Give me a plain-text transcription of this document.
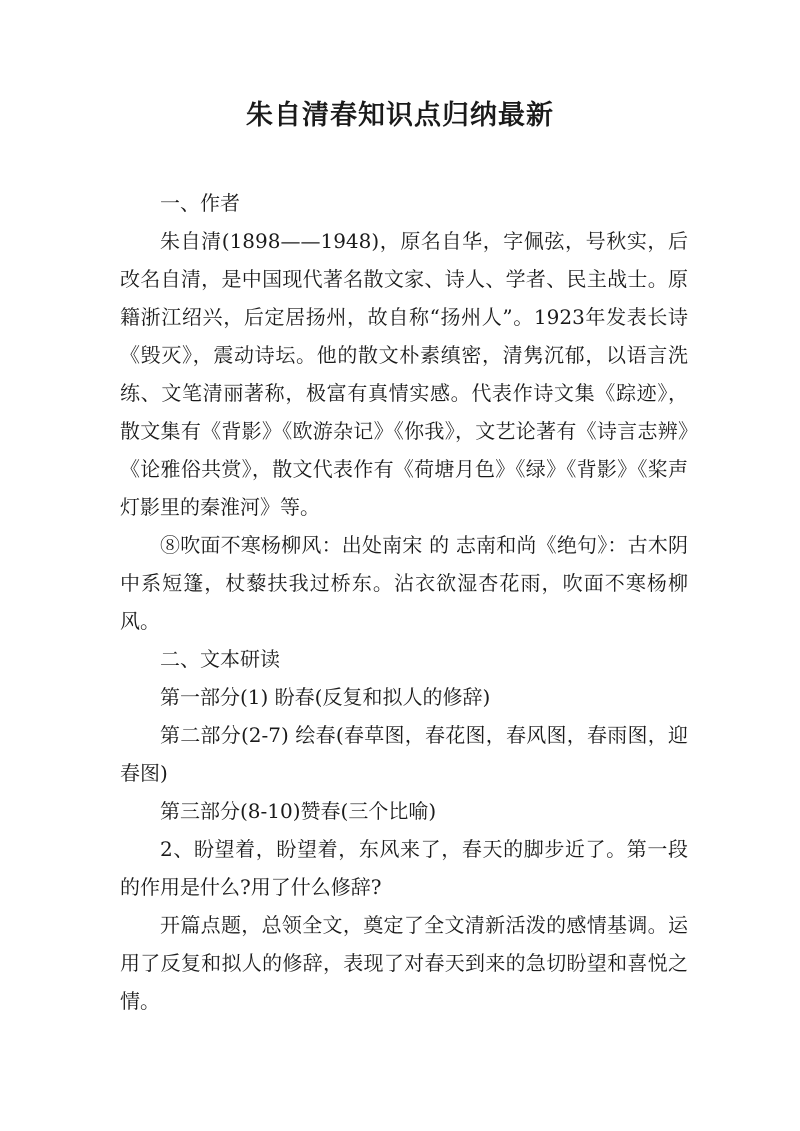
朱自清春知识点归纳最新

一、作者

朱自清(1898——1948)，原名自华，字佩弦，号秋实，后改名自清，是中国现代著名散文家、诗人、学者、民主战士。原籍浙江绍兴，后定居扬州，故自称“扬州人”。1923年发表长诗《毁灭》，震动诗坛。他的散文朴素缜密，清隽沉郁，以语言洗练、文笔清丽著称，极富有真情实感。代表作诗文集《踪迹》，散文集有《背影》《欧游杂记》《你我》，文艺论著有《诗言志辨》《论雅俗共赏》，散文代表作有《荷塘月色》《绿》《背影》《桨声灯影里的秦淮河》等。

⑧吹面不寒杨柳风：出处南宋 的 志南和尚《绝句》：古木阴中系短篷，杖藜扶我过桥东。沾衣欲湿杏花雨，吹面不寒杨柳风。

二、文本研读

第一部分(1) 盼春(反复和拟人的修辞)

第二部分(2-7) 绘春(春草图，春花图，春风图，春雨图，迎春图)

第三部分(8-10)赞春(三个比喻)

2、盼望着，盼望着，东风来了，春天的脚步近了。第一段的作用是什么?用了什么修辞?

开篇点题，总领全文，奠定了全文清新活泼的感情基调。运用了反复和拟人的修辞，表现了对春天到来的急切盼望和喜悦之情。
